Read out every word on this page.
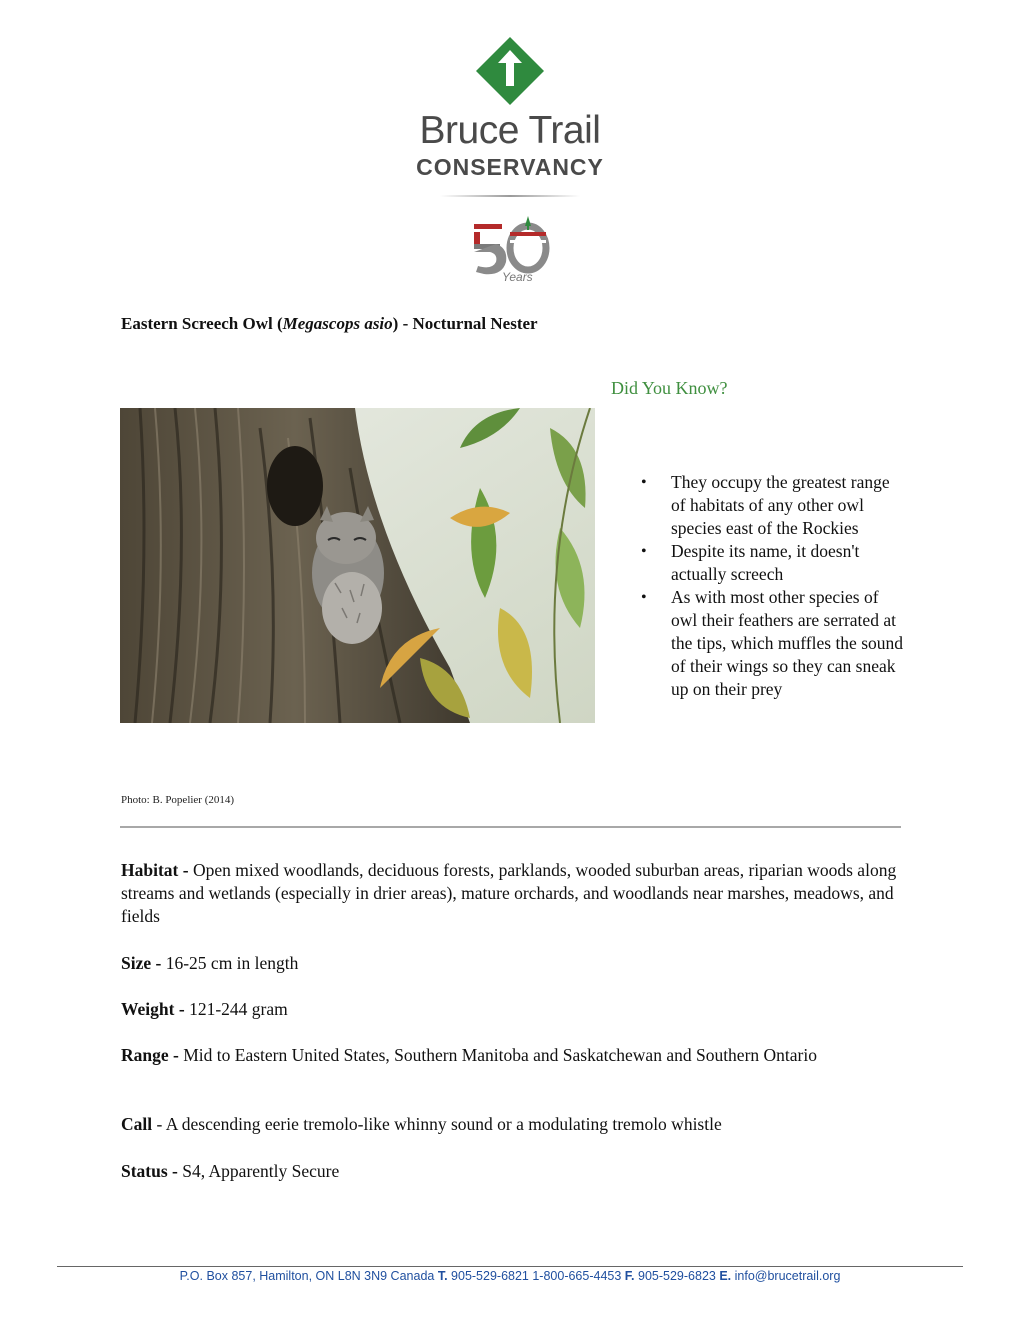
Bruce Trail
CONSERVANCY
Years
Eastern Screech Owl (Megascops asio) - Nocturnal Nester
Photo: B. Popelier (2014)
Did You Know?
• They occupy the greatest range of habitats of any other owl species east of the Rockies
• Despite its name, it doesn't actually screech
• As with most other species of owl their feathers are serrated at the tips, which muffles the sound of their wings so they can sneak up on their prey
Habitat - Open mixed woodlands, deciduous forests, parklands, wooded suburban areas, riparian woods along streams and wetlands (especially in drier areas), mature orchards, and woodlands near marshes, meadows, and fields
Size - 16-25 cm in length
Weight - 121-244 gram
Range - Mid to Eastern United States, Southern Manitoba and Saskatchewan and Southern Ontario
Call - A descending eerie tremolo-like whinny sound or a modulating tremolo whistle
Status - S4, Apparently Secure
P.O. Box 857, Hamilton, ON L8N 3N9 Canada T. 905-529-6821 1-800-665-4453 F. 905-529-6823 E. info@brucetrail.org
